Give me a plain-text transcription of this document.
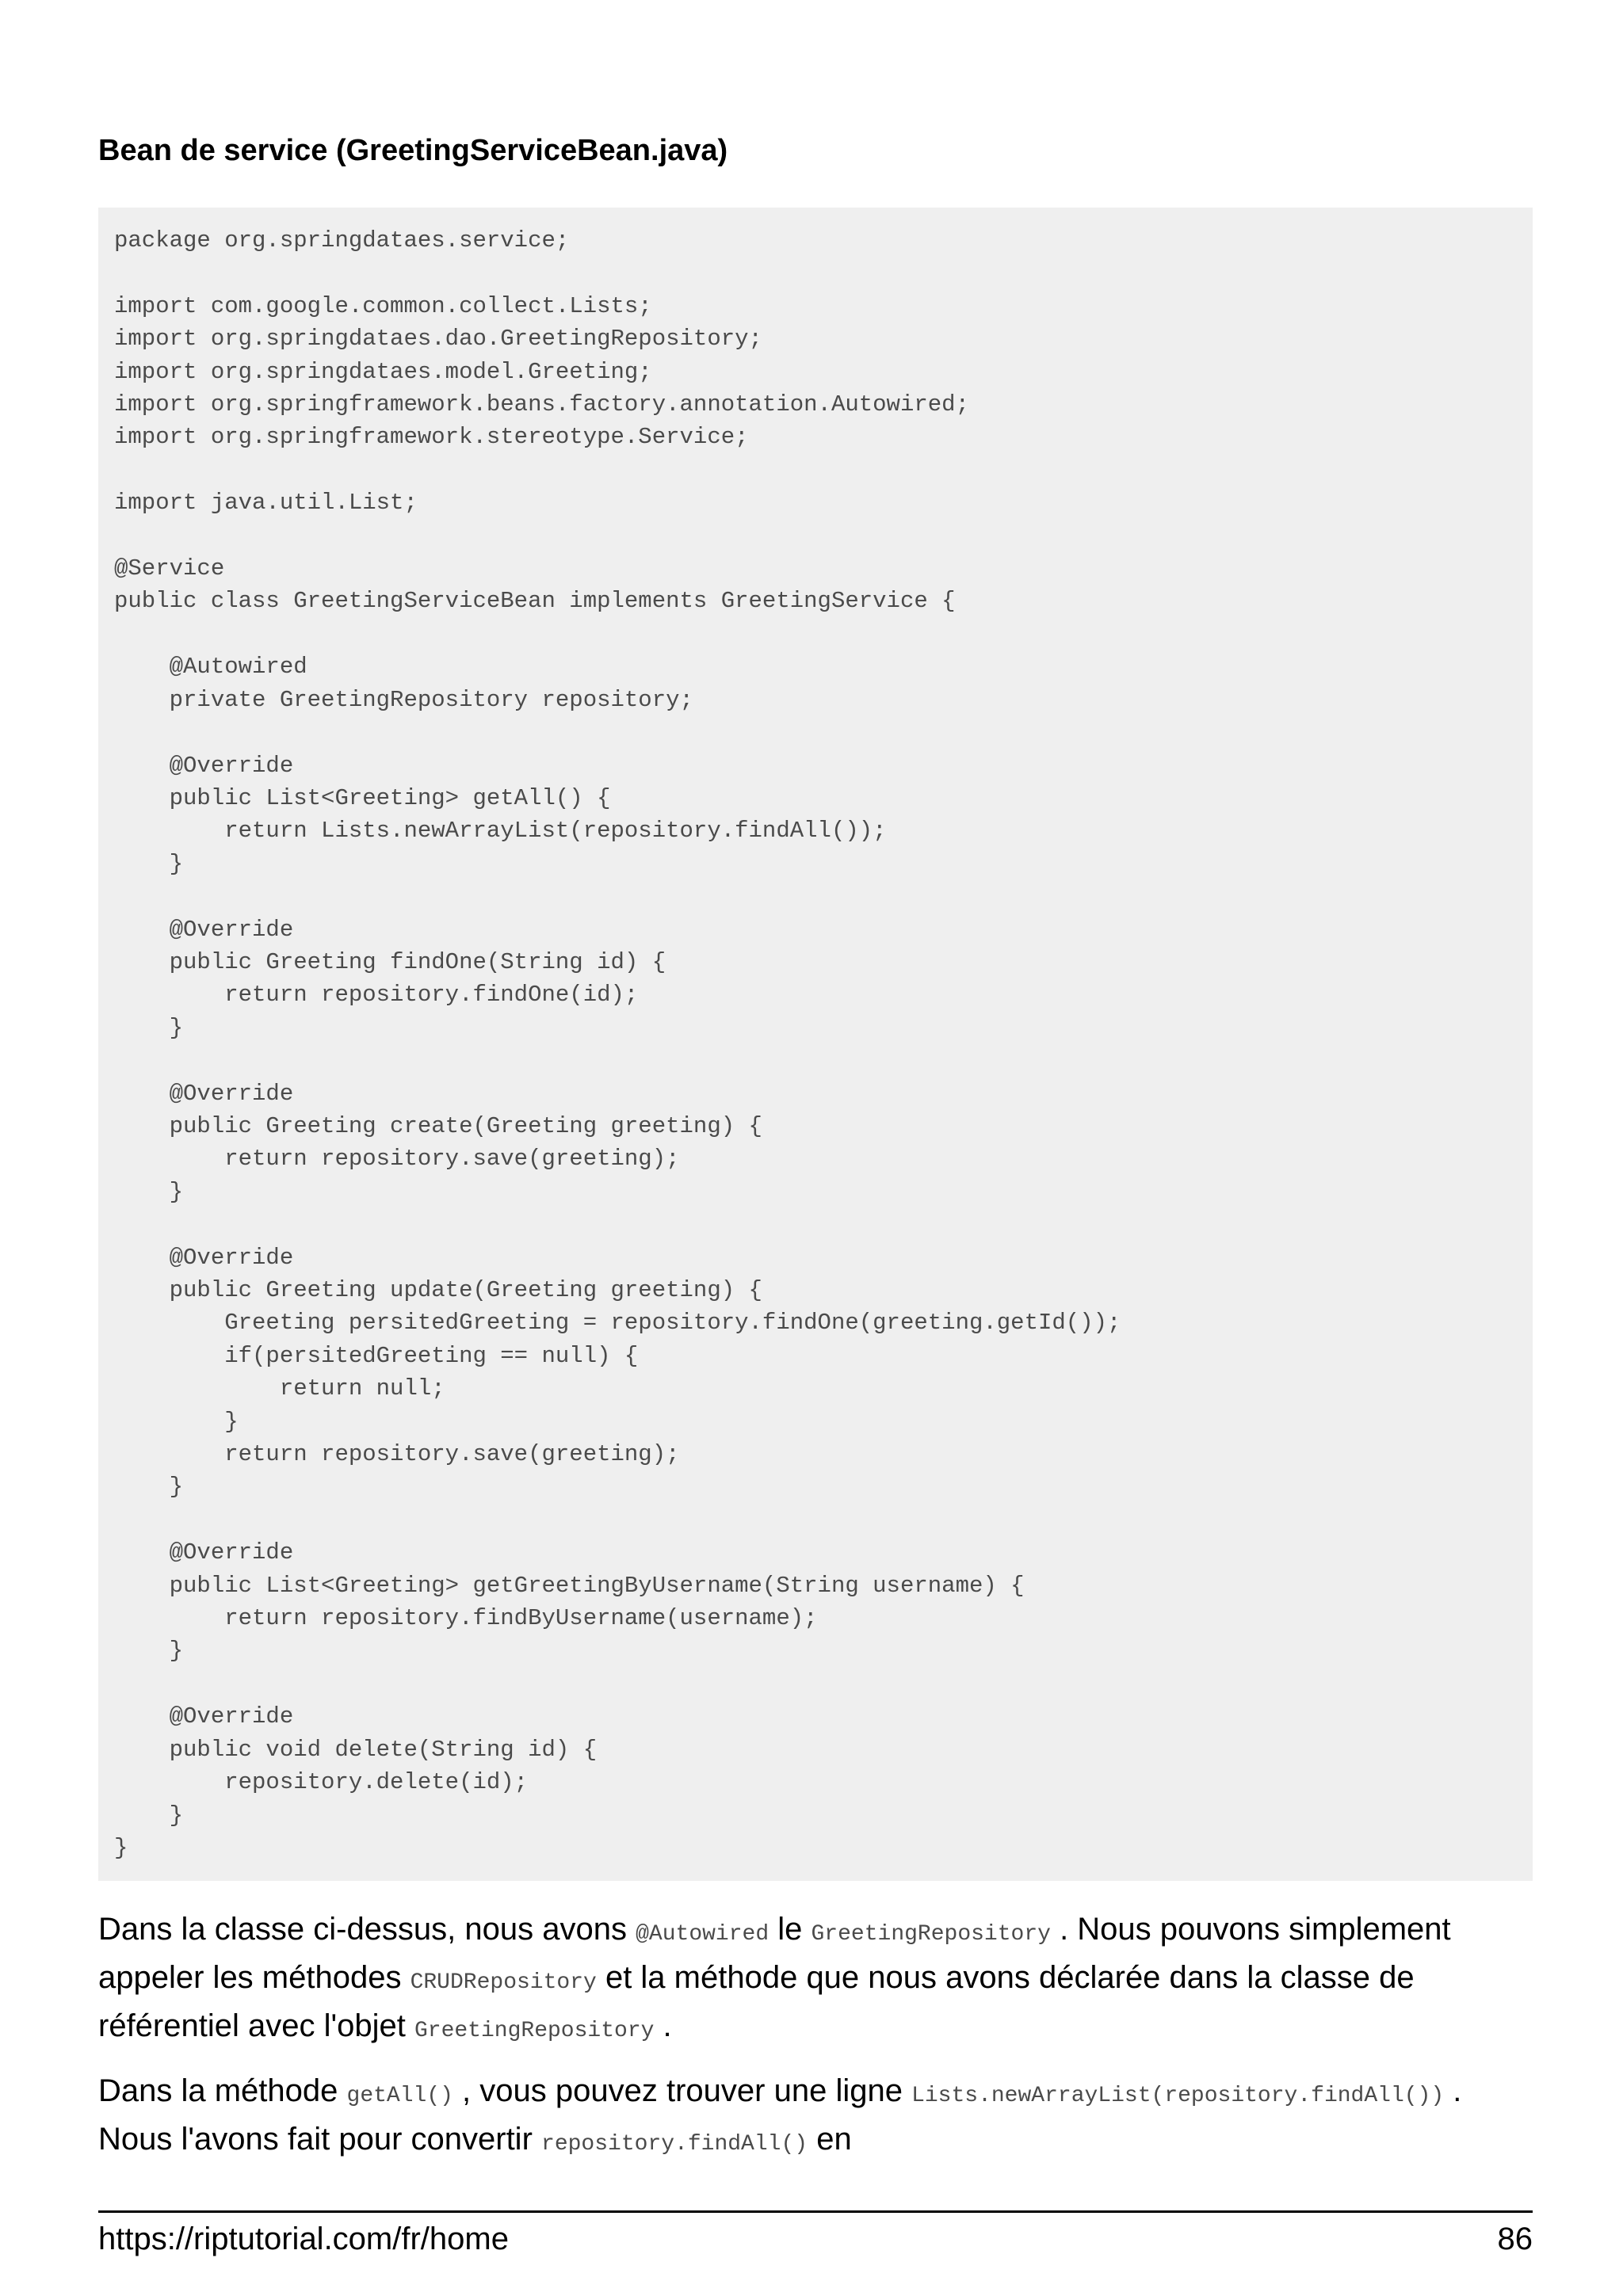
Bean de service (GreetingServiceBean.java)
package org.springdataes.service;

import com.google.common.collect.Lists;
import org.springdataes.dao.GreetingRepository;
import org.springdataes.model.Greeting;
import org.springframework.beans.factory.annotation.Autowired;
import org.springframework.stereotype.Service;

import java.util.List;

@Service
public class GreetingServiceBean implements GreetingService {

@Autowired
private GreetingRepository repository;

@Override
public List<Greeting> getAll() {
return Lists.newArrayList(repository.findAll());
}

@Override
public Greeting findOne(String id) {
return repository.findOne(id);
}

@Override
public Greeting create(Greeting greeting) {
return repository.save(greeting);
}

@Override
public Greeting update(Greeting greeting) {
Greeting persitedGreeting = repository.findOne(greeting.getId());
if(persitedGreeting == null) {
return null;
}
return repository.save(greeting);
}

@Override
public List<Greeting> getGreetingByUsername(String username) {
return repository.findByUsername(username);
}

@Override
public void delete(String id) {
repository.delete(id);
}
}

Dans la classe ci-dessus, nous avons @Autowired le GreetingRepository . Nous pouvons simplement appeler les méthodes CRUDRepository et la méthode que nous avons déclarée dans la classe de référentiel avec l'objet GreetingRepository .

Dans la méthode getAll() , vous pouvez trouver une ligne Lists.newArrayList(repository.findAll()) . Nous l'avons fait pour convertir repository.findAll() en

https://riptutorial.com/fr/home	86
